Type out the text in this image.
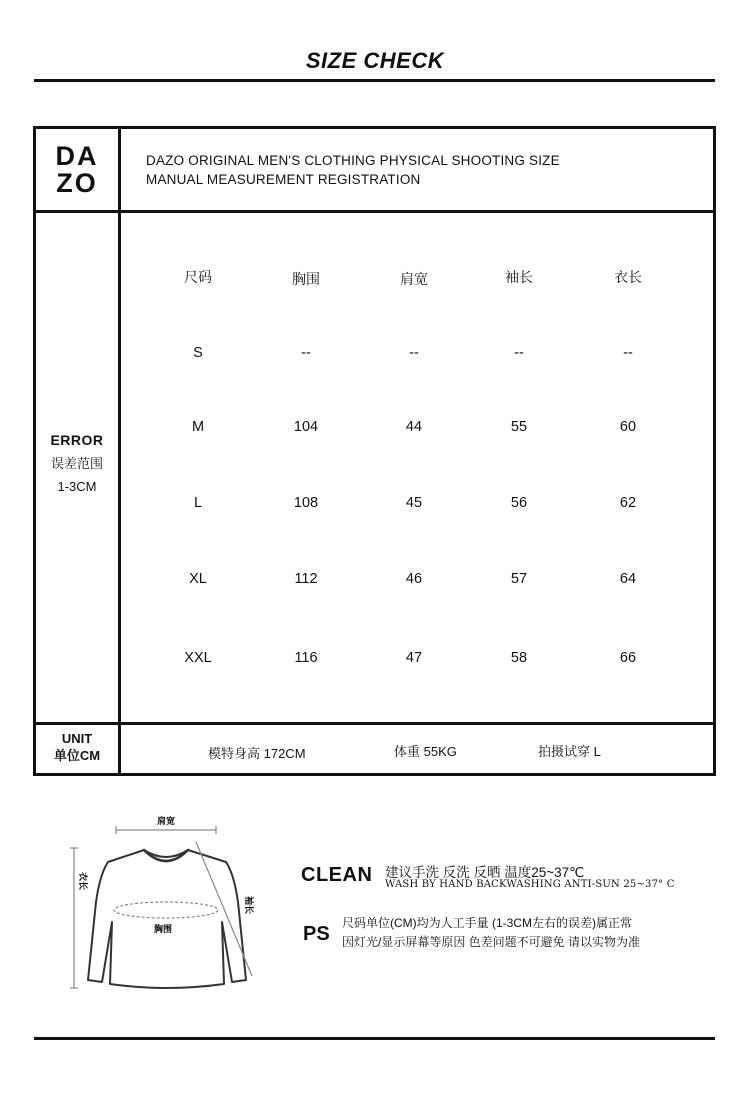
SIZE CHECK
DA
ZO
DAZO ORIGINAL MEN'S CLOTHING PHYSICAL SHOOTING SIZE
MANUAL MEASUREMENT REGISTRATION
ERROR
误差范围
1-3CM
尺码	胸围	肩宽	袖长	衣长
S	--	--	--	--
M	104	44	55	60
L	108	45	56	62
XL	112	46	57	64
XXL	116	47	58	66
UNIT
单位CM	模特身高 172CM	体重 55KG	拍摄试穿 L
肩宽
衣长
胸围
袖长
CLEAN 建议手洗 反洗 反晒 温度25~37℃
WASH BY HAND BACKWASHING ANTI-SUN 25~37° C
PS 尺码单位(CM)均为人工手量 (1-3CM左右的误差)属正常
因灯光/显示屏幕等原因 色差问题不可避免 请以实物为准
